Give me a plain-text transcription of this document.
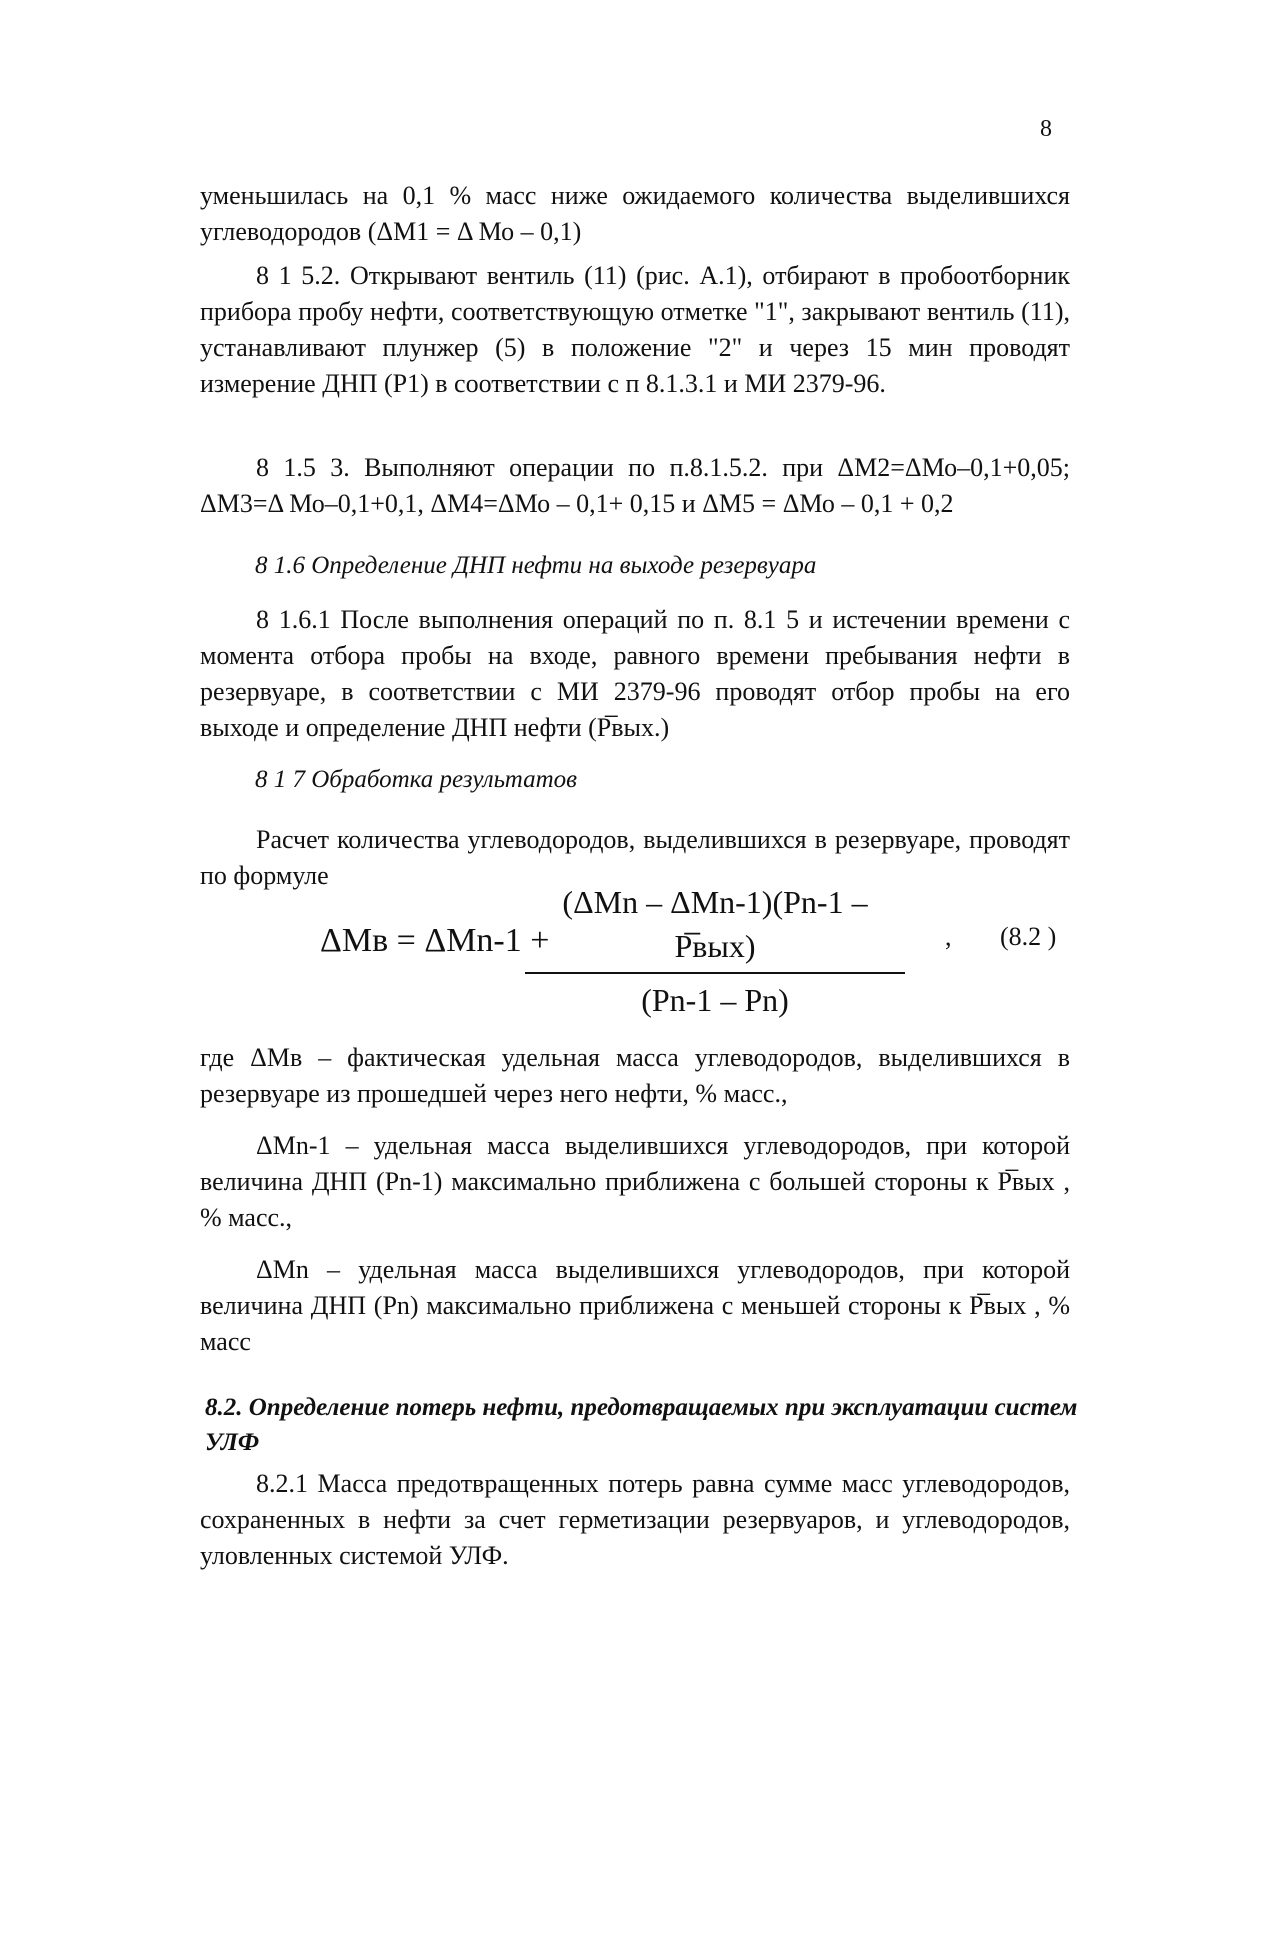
8
уменьшилась на 0,1 % масс ниже ожидаемого количества выделившихся углеводородов (ΔМ1 = Δ Мо – 0,1)
8 1 5.2. Открывают вентиль (11) (рис. А.1), отбирают в пробоотборник прибора пробу нефти, соответствующую отметке "1", закрывают вентиль (11), устанавливают плунжер (5) в положение "2" и через 15 мин проводят измерение ДНП (Р1) в соответствии с п 8.1.3.1 и МИ 2379-96.
8 1.5 3. Выполняют операции по п.8.1.5.2. при ΔМ2=ΔМо–0,1+0,05; ΔМ3=Δ Мо–0,1+0,1, ΔМ4=ΔМо – 0,1+ 0,15 и ΔМ5 = ΔМо – 0,1 + 0,2
8 1.6 Определение ДНП нефти на выходе резервуара
8 1.6.1 После выполнения операций по п. 8.1 5 и истечении времени с момента отбора пробы на входе, равного времени пребывания нефти в резервуаре, в соответствии с МИ 2379-96 проводят отбор пробы на его выходе и определение ДНП нефти (Р̅вых.)
8 1 7 Обработка результатов
Расчет количества углеводородов, выделившихся в резервуаре, проводят по формуле
ΔМв = ΔМn-1 +
(ΔМn – ΔМn-1)(Рn-1 – Р̅вых)
(Рn-1 – Рn)
, (8.2 )
где ΔМв – фактическая удельная масса углеводородов, выделившихся в резервуаре из прошедшей через него нефти, % масс.,
ΔМn-1 – удельная масса выделившихся углеводородов, при которой величина ДНП (Рn-1) максимально приближена с большей стороны к Р̅вых , % масс.,
ΔМn – удельная масса выделившихся углеводородов, при которой величина ДНП (Рn) максимально приближена с меньшей стороны к Р̅вых , % масс
8.2. Определение потерь нефти, предотвращаемых при эксплуатации систем УЛФ
8.2.1 Масса предотвращенных потерь равна сумме масс углеводородов, сохраненных в нефти за счет герметизации резервуаров, и углеводородов, уловленных системой УЛФ.
